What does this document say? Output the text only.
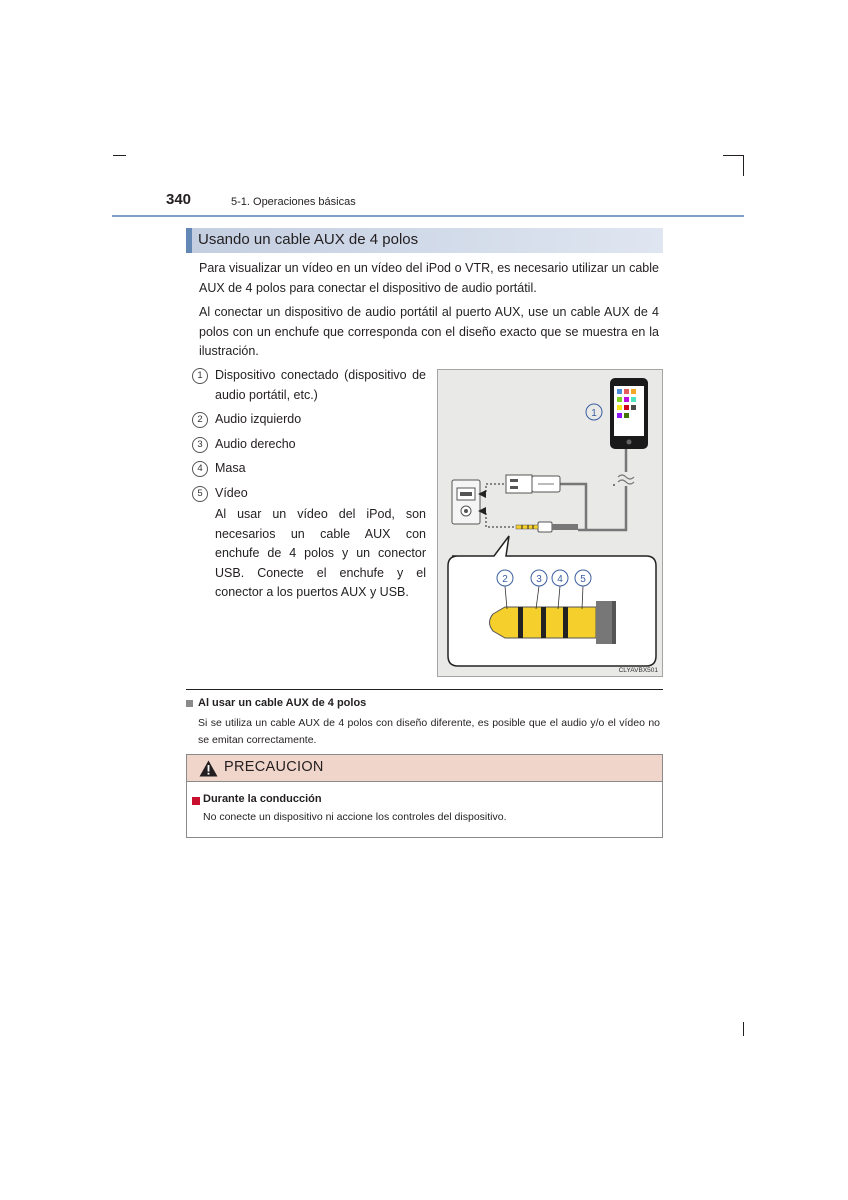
340	5-1. Operaciones básicas
Usando un cable AUX de 4 polos
Para visualizar un vídeo en un vídeo del iPod o VTR, es necesario utilizar un cable AUX de 4 polos para conectar el dispositivo de audio portátil.
Al conectar un dispositivo de audio portátil al puerto AUX, use un cable AUX de 4 polos con un enchufe que corresponda con el diseño exacto que se muestra en la ilustración.
1 Dispositivo conectado (dispositivo de audio portátil, etc.)
2 Audio izquierdo
3 Audio derecho
4 Masa
5 Vídeo
Al usar un vídeo del iPod, son necesarios un cable AUX con enchufe de 4 polos y un conector USB. Conecte el enchufe y el conector a los puertos AUX y USB.
1
2	3 4 5
CLYAVBX501
Al usar un cable AUX de 4 polos
Si se utiliza un cable AUX de 4 polos con diseño diferente, es posible que el audio y/o el vídeo no se emitan correctamente.
PRECAUCION
Durante la conducción
No conecte un dispositivo ni accione los controles del dispositivo.
